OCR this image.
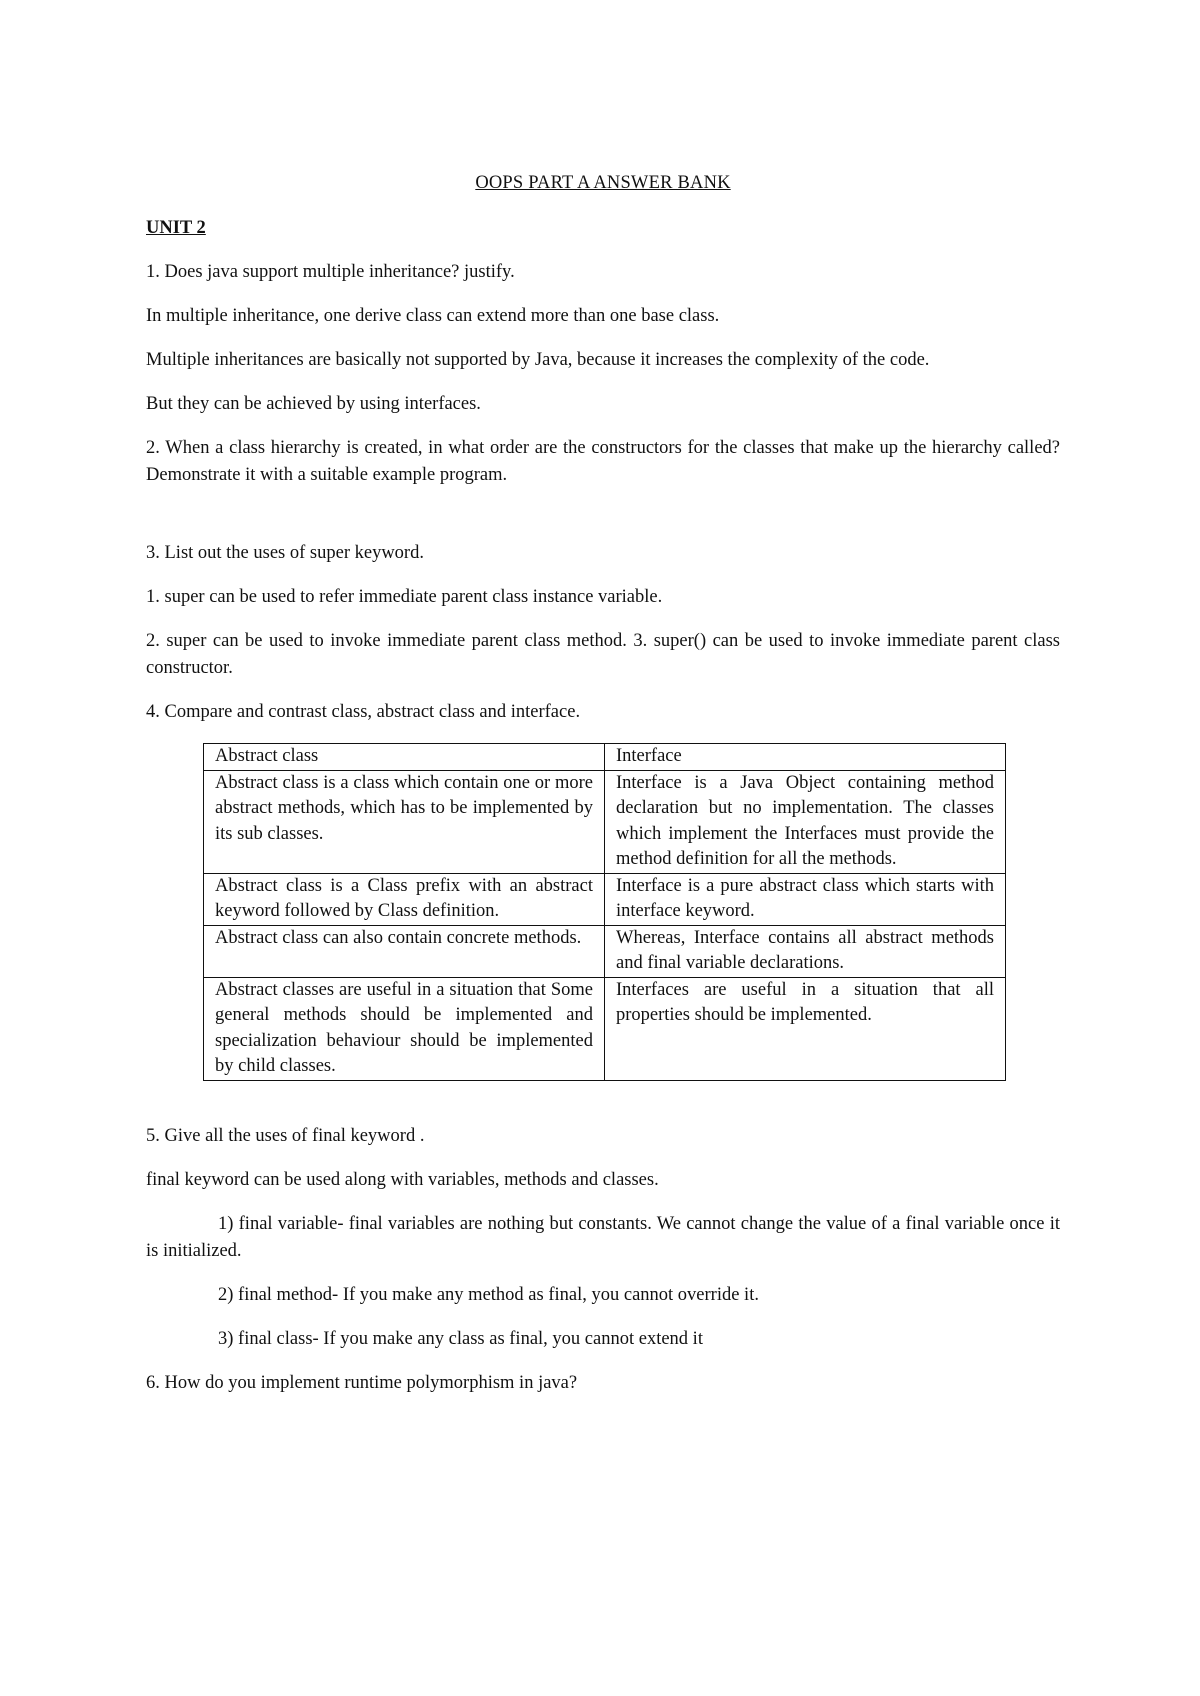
OOPS PART A ANSWER BANK
UNIT 2

1. Does java support multiple inheritance? justify.

In multiple inheritance, one derive class can extend more than one base class.

Multiple inheritances are basically not supported by Java, because it increases the complexity of the code.

But they can be achieved by using interfaces.

2. When a class hierarchy is created, in what order are the constructors for the classes that make up the hierarchy called? Demonstrate it with a suitable example program.

3. List out the uses of super keyword.

1. super can be used to refer immediate parent class instance variable.

2. super can be used to invoke immediate parent class method. 3. super() can be used to invoke immediate parent class constructor.

4. Compare and contrast class, abstract class and interface.

Abstract class	Interface
Abstract class is a class which contain one or more abstract methods, which has to be implemented by its sub classes.	Interface is a Java Object containing method declaration but no implementation. The classes which implement the Interfaces must provide the method definition for all the methods.
Abstract class is a Class prefix with an abstract keyword followed by Class definition.	Interface is a pure abstract class which starts with interface keyword.
Abstract class can also contain concrete methods.	Whereas, Interface contains all abstract methods and final variable declarations.
Abstract classes are useful in a situation that Some general methods should be implemented and specialization behaviour should be implemented by child classes.	Interfaces are useful in a situation that all properties should be implemented.

5. Give all the uses of final keyword .

final keyword can be used along with variables, methods and classes.

1) final variable- final variables are nothing but constants. We cannot change the value of a final variable once it is initialized.

2) final method- If you make any method as final, you cannot override it.

3) final class- If you make any class as final, you cannot extend it

6. How do you implement runtime polymorphism in java?
